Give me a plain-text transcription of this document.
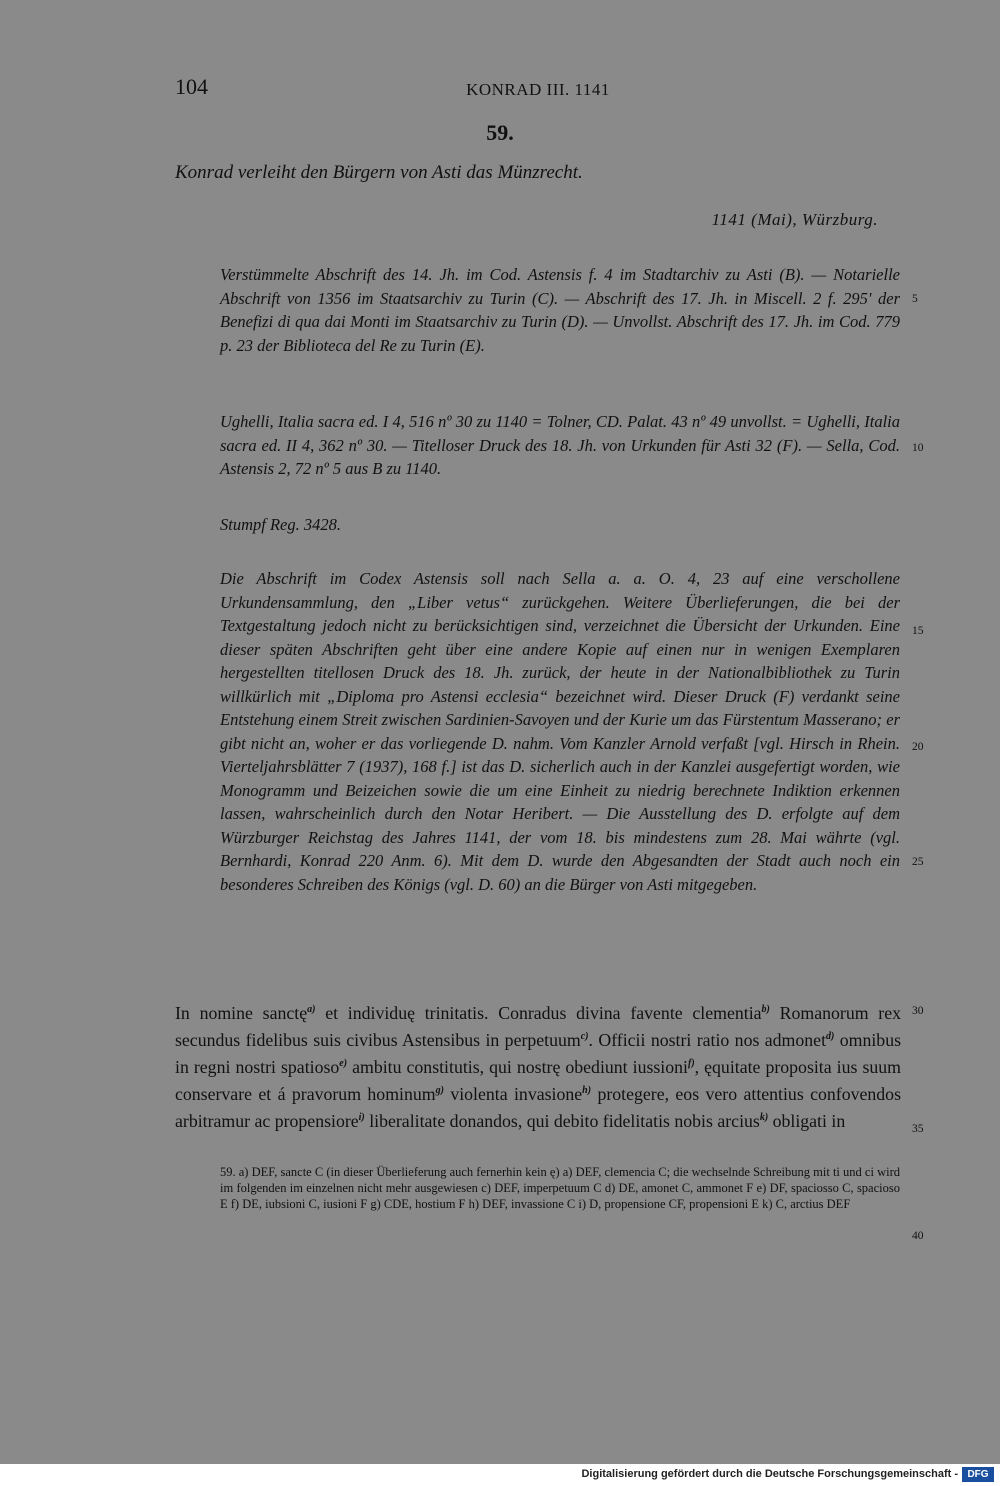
104	KONRAD III. 1141
59.
Konrad verleiht den Bürgern von Asti das Münzrecht.
1141 (Mai), Würzburg.

Verstümmelte Abschrift des 14. Jh. im Cod. Astensis f. 4 im Stadtarchiv zu Asti (B). — Notarielle Abschrift von 1356 im Staatsarchiv zu Turin (C). — Abschrift des 17. Jh. in Miscell. 2 f. 295' der Benefizi di qua dai Monti im Staatsarchiv zu Turin (D). — Unvollst. Abschrift des 17. Jh. im Cod. 779 p. 23 der Biblioteca del Re zu Turin (E).

Ughelli, Italia sacra ed. I 4, 516 nº 30 zu 1140 = Tolner, CD. Palat. 43 nº 49 unvollst. = Ughelli, Italia sacra ed. II 4, 362 nº 30. — Titelloser Druck des 18. Jh. von Urkunden für Asti 32 (F). — Sella, Cod. Astensis 2, 72 nº 5 aus B zu 1140.

Stumpf Reg. 3428.

Die Abschrift im Codex Astensis soll nach Sella a. a. O. 4, 23 auf eine verschollene Urkundensammlung, den „Liber vetus“ zurückgehen. Weitere Überlieferungen, die bei der Textgestaltung jedoch nicht zu berücksichtigen sind, verzeichnet die Übersicht der Urkunden. Eine dieser späten Abschriften geht über eine andere Kopie auf einen nur in wenigen Exemplaren hergestellten titellosen Druck des 18. Jh. zurück, der heute in der Nationalbibliothek zu Turin willkürlich mit „Diploma pro Astensi ecclesia“ bezeichnet wird. Dieser Druck (F) verdankt seine Entstehung einem Streit zwischen Sardinien-Savoyen und der Kurie um das Fürstentum Masserano; er gibt nicht an, woher er das vorliegende D. nahm. Vom Kanzler Arnold verfaßt [vgl. Hirsch in Rhein. Vierteljahrsblätter 7 (1937), 168 f.] ist das D. sicherlich auch in der Kanzlei ausgefertigt worden, wie Monogramm und Beizeichen sowie die um eine Einheit zu niedrig berechnete Indiktion erkennen lassen, wahrscheinlich durch den Notar Heribert. — Die Ausstellung des D. erfolgte auf dem Würzburger Reichstag des Jahres 1141, der vom 18. bis mindestens zum 28. Mai währte (vgl. Bernhardi, Konrad 220 Anm. 6). Mit dem D. wurde den Abgesandten der Stadt auch noch ein besonderes Schreiben des Königs (vgl. D. 60) an die Bürger von Asti mitgegeben.

In nomine sanctę$^{a)}$ et individuę trinitatis. Conradus divina favente clementia$^{b)}$ Romanorum rex secundus fidelibus suis civibus Astensibus in perpetuum$^{c)}$. Officii nostri ratio nos admonet$^{d)}$ omnibus in regni nostri spatioso$^{e)}$ ambitu constitutis, qui nostrę obediunt iussioni$^{f)}$, ęquitate proposita ius suum conservare et á pravorum hominum$^{g)}$ violenta invasione$^{h)}$ protegere, eos vero attentius confovendos arbitramur ac propensiore$^{i)}$ liberalitate donandos, qui debito fidelitatis nobis arcius$^{k)}$ obligati in

59. a) DEF, sancte C (in dieser Überlieferung auch fernerhin kein ę) a) DEF, clemencia C; die wechselnde Schreibung mit ti und ci wird im folgenden im einzelnen nicht mehr ausgewiesen c) DEF, imperpetuum C d) DE, amonet C, ammonet F e) DF, spaciosso C, spacioso E f) DE, iubsioni C, iusioni F g) CDE, hostium F h) DEF, invassione C i) D, propensione CF, propensioni E k) C, arctius DEF

5
10
15
20
25
30
35
40
Digitalisierung gefördert durch die Deutsche Forschungsgemeinschaft - DFG
